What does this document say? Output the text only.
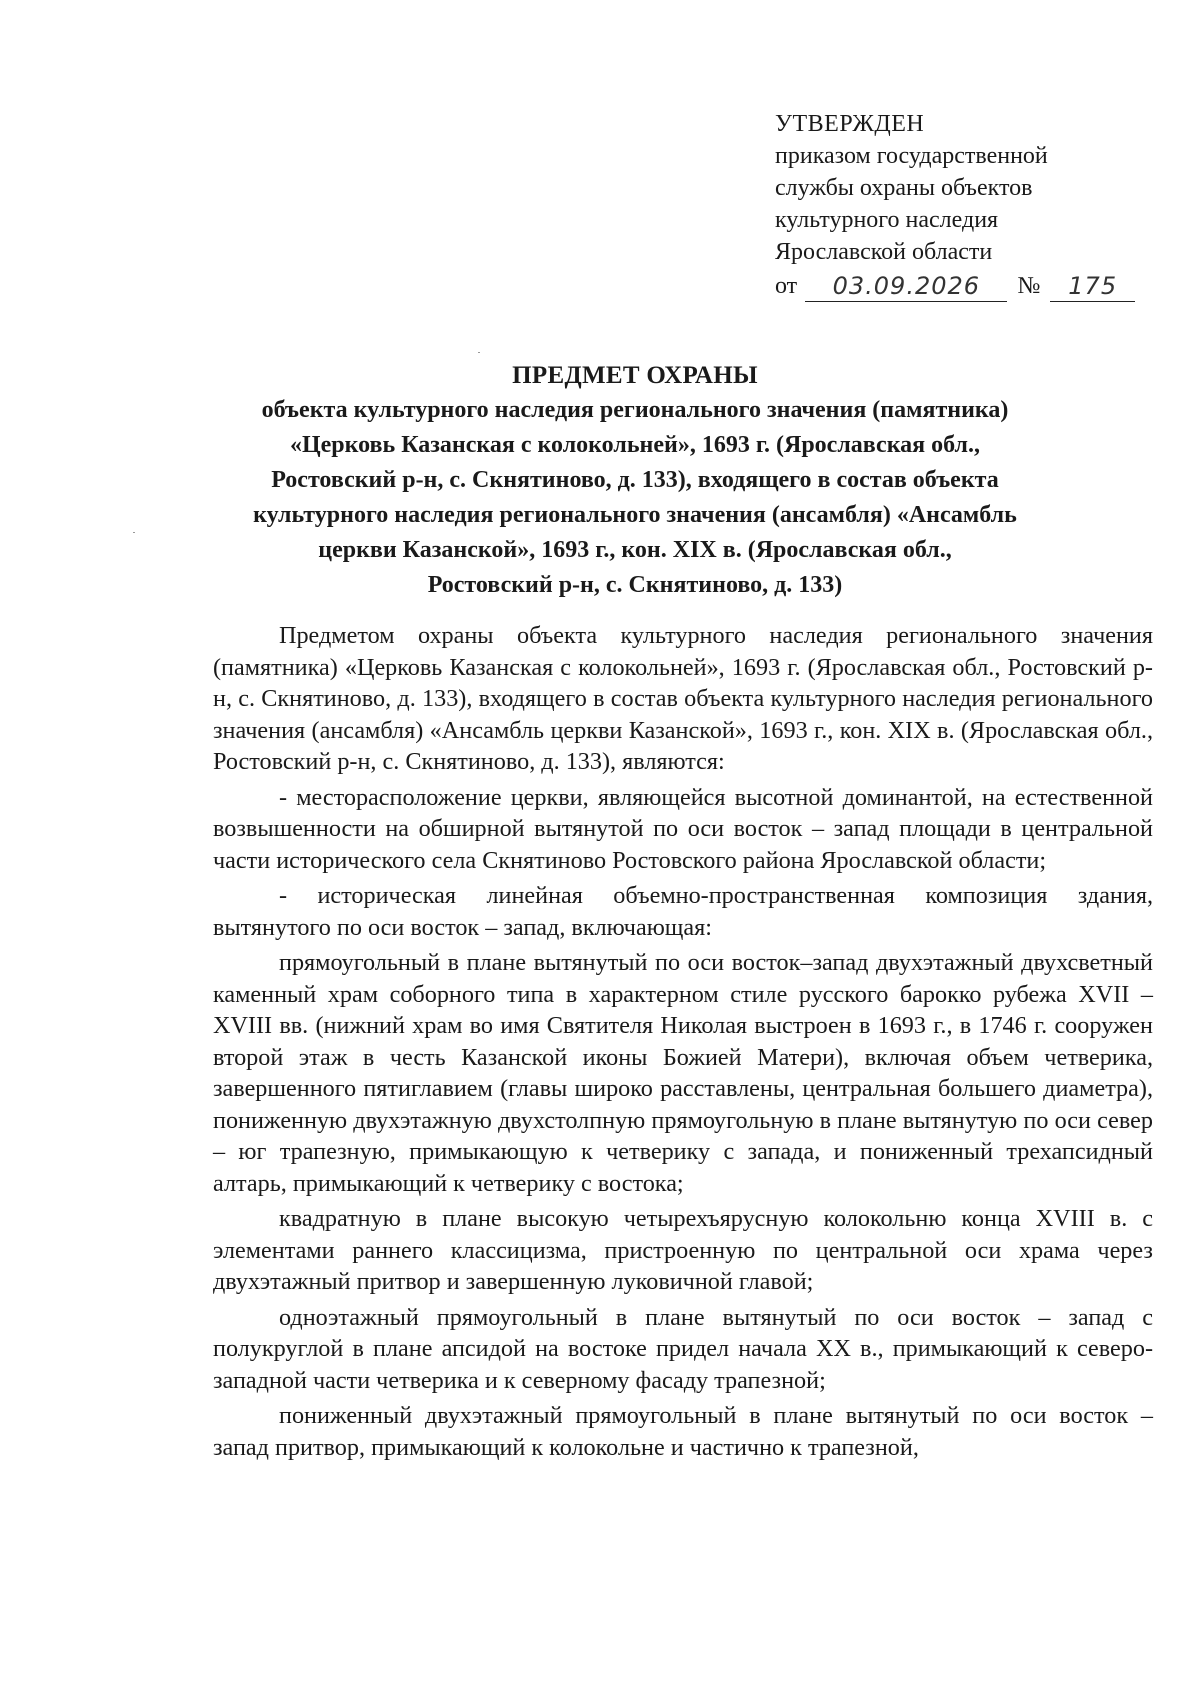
УТВЕРЖДЕН
приказом государственной
службы охраны объектов
культурного наследия
Ярославской области
от	03.09.2026	№	175
ПРЕДМЕТ ОХРАНЫ
объекта культурного наследия регионального значения (памятника)
«Церковь Казанская с колокольней», 1693 г. (Ярославская обл.,
Ростовский р-н, с. Скнятиново, д. 133), входящего в состав объекта
культурного наследия регионального значения (ансамбля) «Ансамбль
церкви Казанской», 1693 г., кон. XIX в. (Ярославская обл.,
Ростовский р-н, с. Скнятиново, д. 133)

Предметом охраны объекта культурного наследия регионального значения (памятника) «Церковь Казанская с колокольней», 1693 г. (Ярославская обл., Ростовский р-н, с. Скнятиново, д. 133), входящего в состав объекта культурного наследия регионального значения (ансамбля) «Ансамбль церкви Казанской», 1693 г., кон. XIX в. (Ярославская обл., Ростовский р-н, с. Скнятиново, д. 133), являются:

- месторасположение церкви, являющейся высотной доминантой, на естественной возвышенности на обширной вытянутой по оси восток – запад площади в центральной части исторического села Скнятиново Ростовского района Ярославской области;

- историческая линейная объемно-пространственная композиция здания, вытянутого по оси восток – запад, включающая:

прямоугольный в плане вытянутый по оси восток–запад двухэтажный двухсветный каменный храм соборного типа в характерном стиле русского барокко рубежа XVII – XVIII вв. (нижний храм во имя Святителя Николая выстроен в 1693 г., в 1746 г. сооружен второй этаж в честь Казанской иконы Божией Матери), включая объем четверика, завершенного пятиглавием (главы широко расставлены, центральная большего диаметра), пониженную двухэтажную двухстолпную прямоугольную в плане вытянутую по оси север – юг трапезную, примыкающую к четверику с запада, и пониженный трехапсидный алтарь, примыкающий к четверику с востока;

квадратную в плане высокую четырехъярусную колокольню конца XVIII в. с элементами раннего классицизма, пристроенную по центральной оси храма через двухэтажный притвор и завершенную луковичной главой;

одноэтажный прямоугольный в плане вытянутый по оси восток – запад с полукруглой в плане апсидой на востоке придел начала XX в., примыкающий к северо-западной части четверика и к северному фасаду трапезной;

пониженный двухэтажный прямоугольный в плане вытянутый по оси восток – запад притвор, примыкающий к колокольне и частично к трапезной,
